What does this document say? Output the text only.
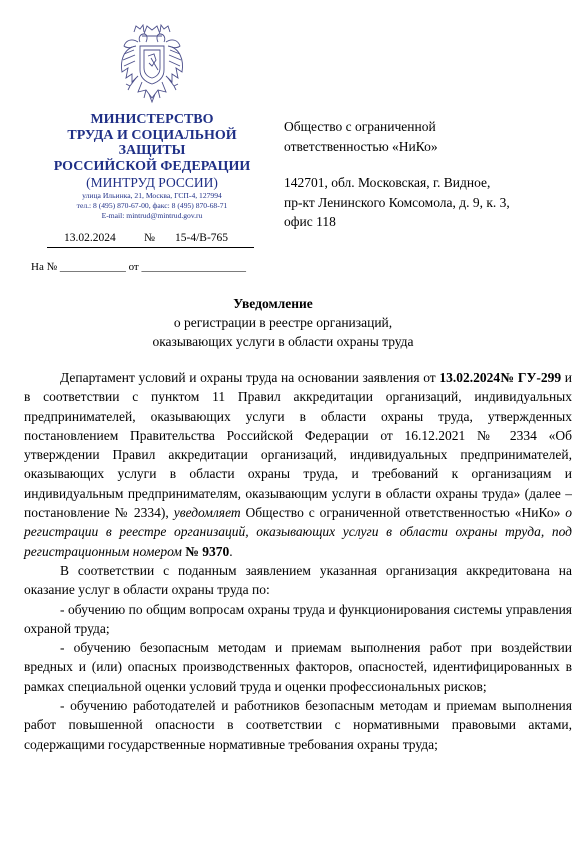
МИНИСТЕРСТВО
ТРУДА И СОЦИАЛЬНОЙ
ЗАЩИТЫ
РОССИЙСКОЙ ФЕДЕРАЦИИ
(МИНТРУД РОССИИ)
улица Ильинка, 21, Москва, ГСП-4, 127994
тел.: 8 (495) 870-67-00, факс: 8 (495) 870-68-71
E-mail: mintrud@mintrud.gov.ru
13.02.2024 № 15-4/В-765
На № ____________ от ___________________
Общество с ограниченной
ответственностью «НиКо»
142701, обл. Московская, г. Видное,
пр-кт Ленинского Комсомола, д. 9, к. 3,
офис 118
Уведомление
о регистрации в реестре организаций,
оказывающих услуги в области охраны труда

Департамент условий и охраны труда на основании заявления от 13.02.2024№ ГУ-299 и в соответствии с пунктом 11 Правил аккредитации организаций, индивидуальных предпринимателей, оказывающих услуги в области охраны труда, утвержденных постановлением Правительства Российской Федерации от 16.12.2021 № 2334 «Об утверждении Правил аккредитации организаций, индивидуальных предпринимателей, оказывающих услуги в области охраны труда, и требований к организациям и индивидуальным предпринимателям, оказывающим услуги в области охраны труда» (далее – постановление № 2334), уведомляет Общество с ограниченной ответственностью «НиКо» о регистрации в реестре организаций, оказывающих услуги в области охраны труда, под регистрационным номером № 9370.

В соответствии с поданным заявлением указанная организация аккредитована на оказание услуг в области охраны труда по:

- обучению по общим вопросам охраны труда и функционирования системы управления охраной труда;

- обучению безопасным методам и приемам выполнения работ при воздействии вредных и (или) опасных производственных факторов, опасностей, идентифицированных в рамках специальной оценки условий труда и оценки профессиональных рисков;

- обучению работодателей и работников безопасным методам и приемам выполнения работ повышенной опасности в соответствии с нормативными правовыми актами, содержащими государственные нормативные требования охраны труда;
